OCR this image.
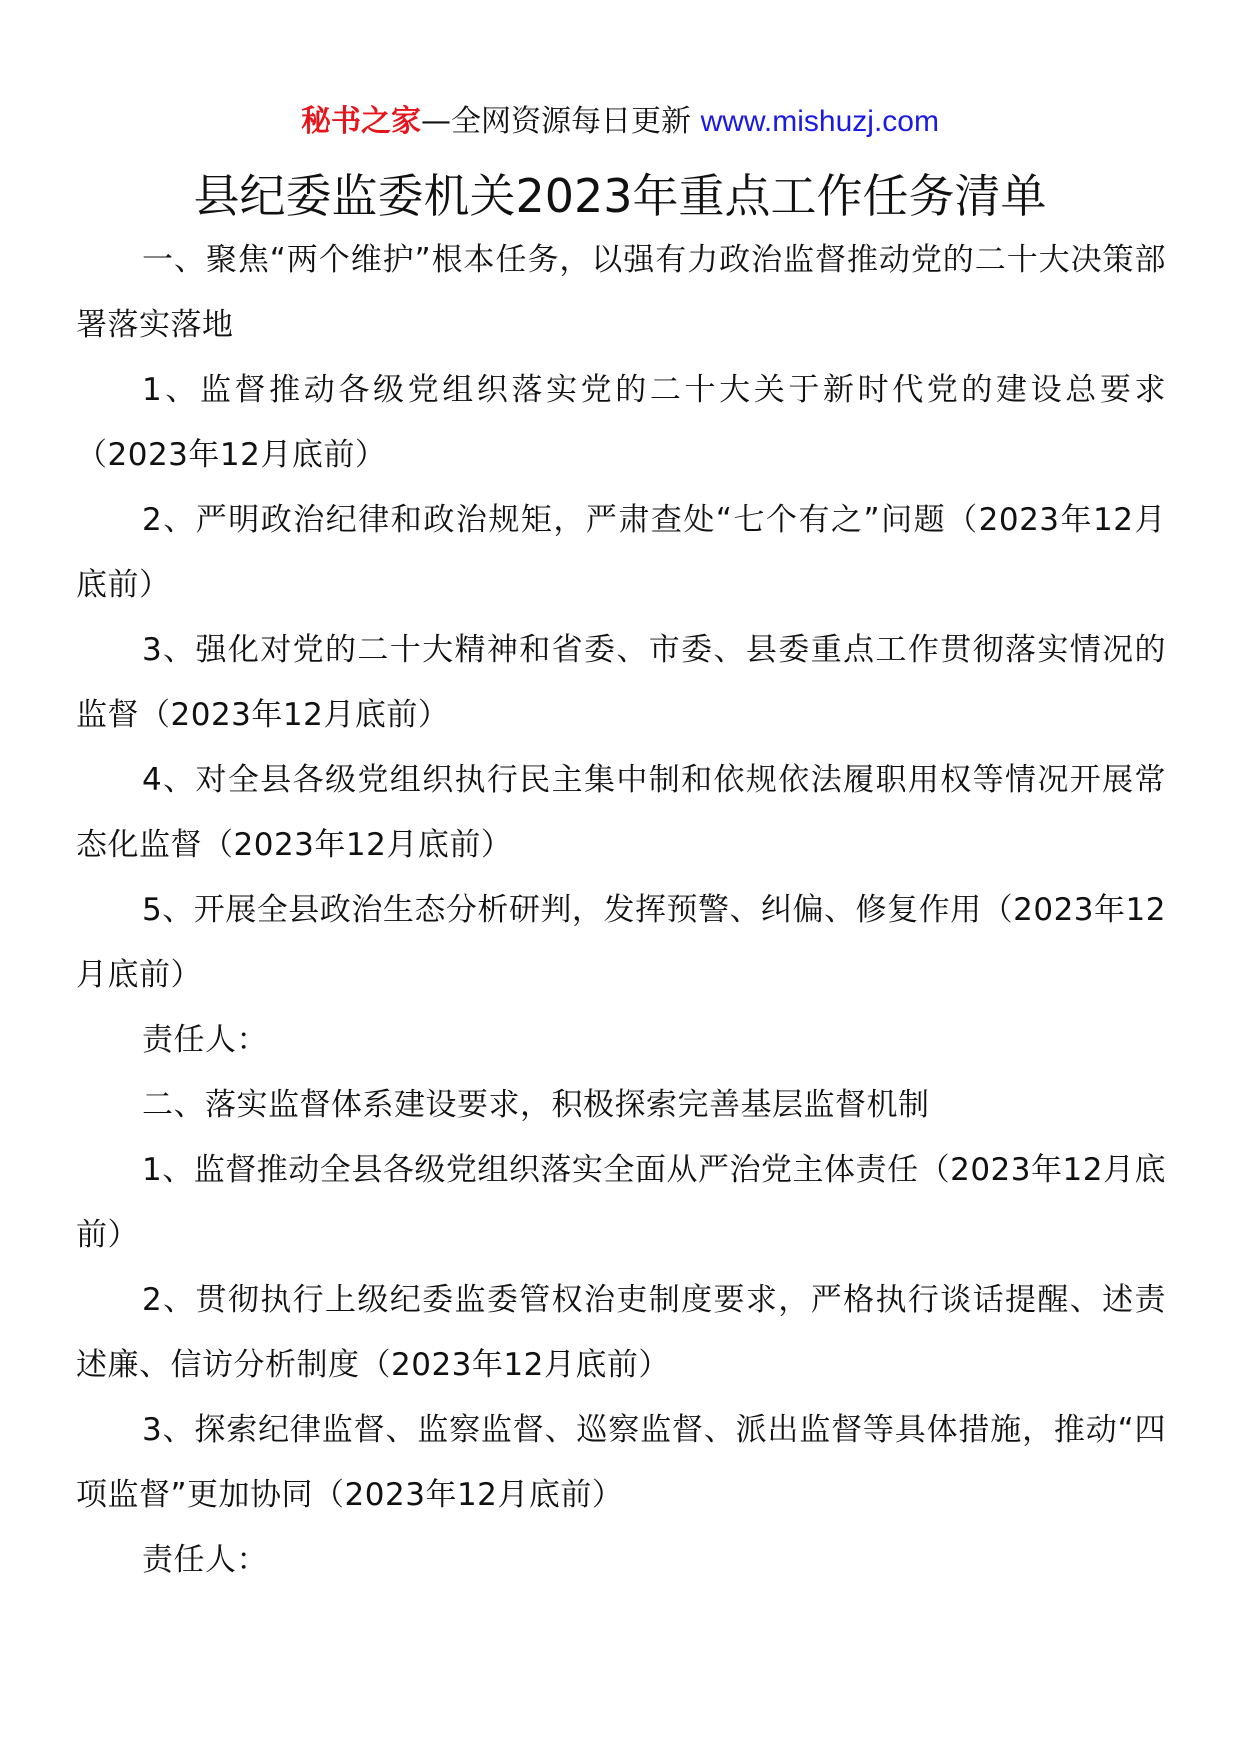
秘书之家—全网资源每日更新 www.mishuzj.com
县纪委监委机关2023年重点工作任务清单

一、聚焦“两个维护”根本任务，以强有力政治监督推动党的二十大决策部署落实落地

1、监督推动各级党组织落实党的二十大关于新时代党的建设总要求（2023年12月底前）

2、严明政治纪律和政治规矩，严肃查处“七个有之”问题（2023年12月底前）

3、强化对党的二十大精神和省委、市委、县委重点工作贯彻落实情况的监督（2023年12月底前）

4、对全县各级党组织执行民主集中制和依规依法履职用权等情况开展常态化监督（2023年12月底前）

5、开展全县政治生态分析研判，发挥预警、纠偏、修复作用（2023年12月底前）

责任人：

二、落实监督体系建设要求，积极探索完善基层监督机制

1、监督推动全县各级党组织落实全面从严治党主体责任（2023年12月底前）

2、贯彻执行上级纪委监委管权治吏制度要求，严格执行谈话提醒、述责述廉、信访分析制度（2023年12月底前）

3、探索纪律监督、监察监督、巡察监督、派出监督等具体措施，推动“四项监督”更加协同（2023年12月底前）

责任人：
